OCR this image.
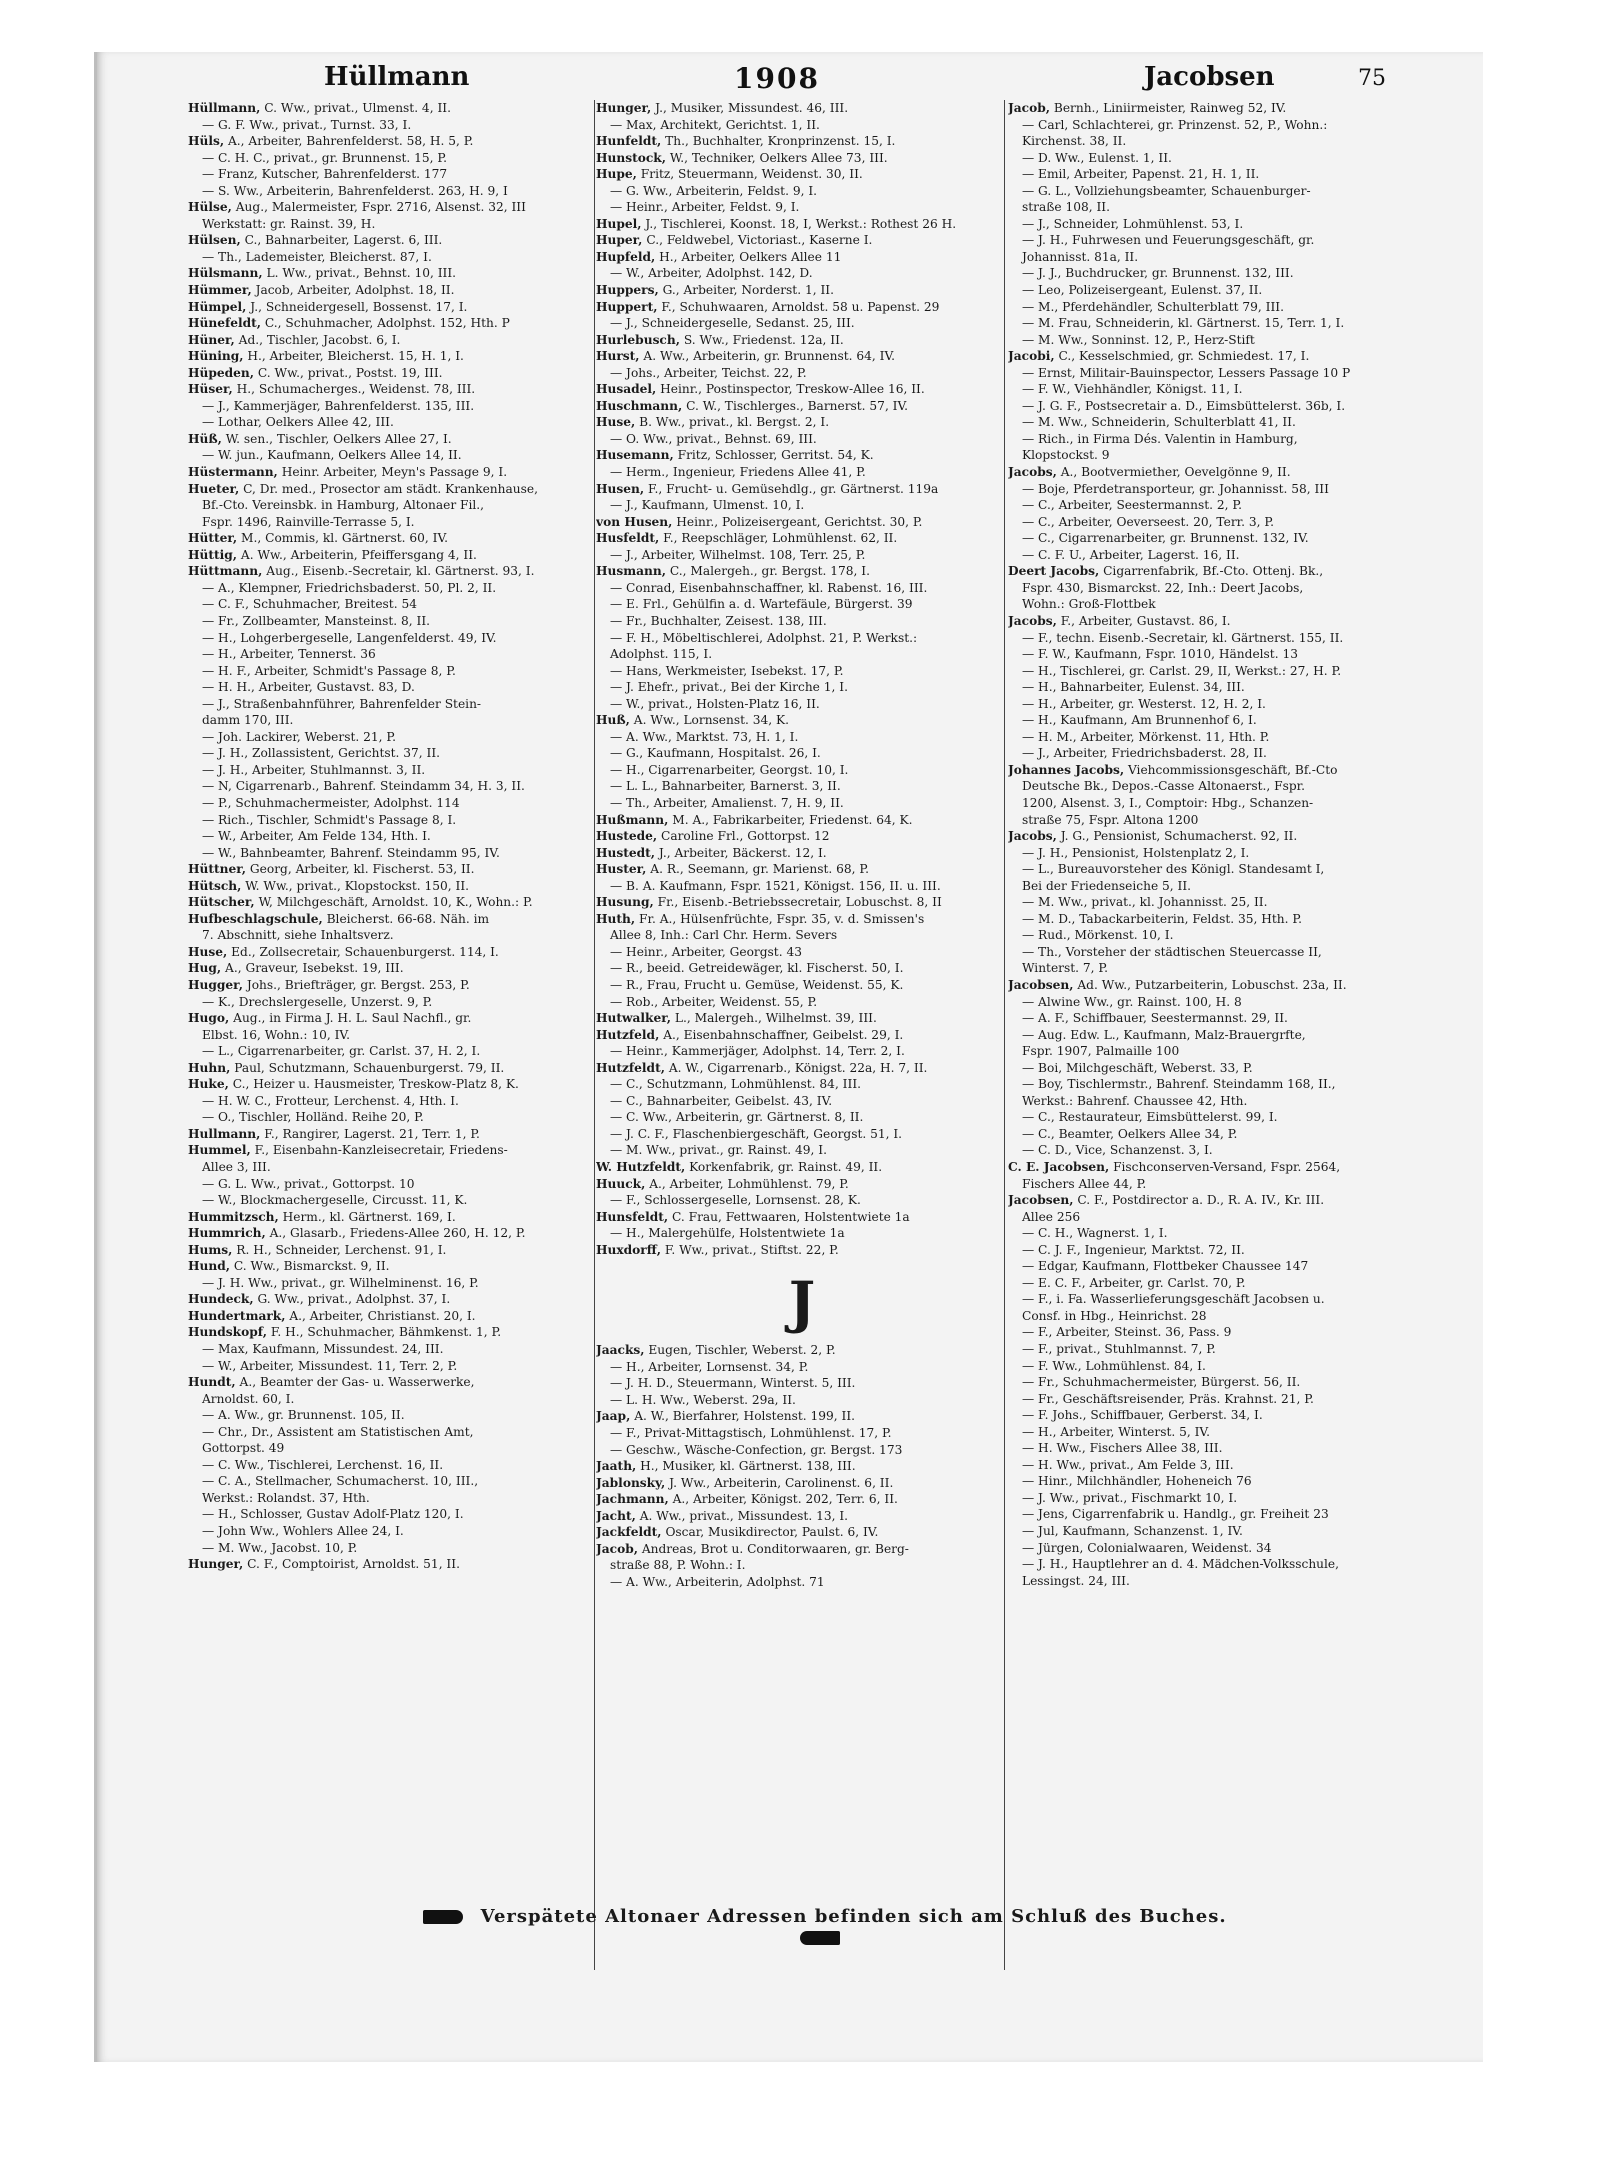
Hüllmann	1908	Jacobsen	75
Hüllmann, C. Ww., privat., Ulmenst. 4, II.
— G. F. Ww., privat., Turnst. 33, I.
Hüls, A., Arbeiter, Bahrenfelderst. 58, H. 5, P.
— C. H. C., privat., gr. Brunnenst. 15, P.
— Franz, Kutscher, Bahrenfelderst. 177
— S. Ww., Arbeiterin, Bahrenfelderst. 263, H. 9, I
Hülse, Aug., Malermeister, Fspr. 2716, Alsenst. 32, III
Werkstatt: gr. Rainst. 39, H.
Hülsen, C., Bahnarbeiter, Lagerst. 6, III.
— Th., Lademeister, Bleicherst. 87, I.
Hülsmann, L. Ww., privat., Behnst. 10, III.
Hümmer, Jacob, Arbeiter, Adolphst. 18, II.
Hümpel, J., Schneidergesell, Bossenst. 17, I.
Hünefeldt, C., Schuhmacher, Adolphst. 152, Hth. P
Hüner, Ad., Tischler, Jacobst. 6, I.
Hüning, H., Arbeiter, Bleicherst. 15, H. 1, I.
Hüpeden, C. Ww., privat., Postst. 19, III.
Hüser, H., Schumacherges., Weidenst. 78, III.
— J., Kammerjäger, Bahrenfelderst. 135, III.
— Lothar, Oelkers Allee 42, III.
Hüß, W. sen., Tischler, Oelkers Allee 27, I.
— W. jun., Kaufmann, Oelkers Allee 14, II.
Hüstermann, Heinr. Arbeiter, Meyn's Passage 9, I.
Hueter, C, Dr. med., Prosector am städt. Krankenhause,
Bf.-Cto. Vereinsbk. in Hamburg, Altonaer Fil.,
Fspr. 1496, Rainville-Terrasse 5, I.
Hütter, M., Commis, kl. Gärtnerst. 60, IV.
Hüttig, A. Ww., Arbeiterin, Pfeiffersgang 4, II.
Hüttmann, Aug., Eisenb.-Secretair, kl. Gärtnerst. 93, I.
— A., Klempner, Friedrichsbaderst. 50, Pl. 2, II.
— C. F., Schuhmacher, Breitest. 54
— Fr., Zollbeamter, Mansteinst. 8, II.
— H., Lohgerbergeselle, Langenfelderst. 49, IV.
— H., Arbeiter, Tennerst. 36
— H. F., Arbeiter, Schmidt's Passage 8, P.
— H. H., Arbeiter, Gustavst. 83, D.
— J., Straßenbahnführer, Bahrenfelder Stein-
damm 170, III.
— Joh. Lackirer, Weberst. 21, P.
— J. H., Zollassistent, Gerichtst. 37, II.
— J. H., Arbeiter, Stuhlmannst. 3, II.
— N, Cigarrenarb., Bahrenf. Steindamm 34, H. 3, II.
— P., Schuhmachermeister, Adolphst. 114
— Rich., Tischler, Schmidt's Passage 8, I.
— W., Arbeiter, Am Felde 134, Hth. I.
— W., Bahnbeamter, Bahrenf. Steindamm 95, IV.
Hüttner, Georg, Arbeiter, kl. Fischerst. 53, II.
Hütsch, W. Ww., privat., Klopstockst. 150, II.
Hütscher, W, Milchgeschäft, Arnoldst. 10, K., Wohn.: P.
Hufbeschlagschule, Bleicherst. 66-68. Näh. im
7. Abschnitt, siehe Inhaltsverz.
Huse, Ed., Zollsecretair, Schauenburgerst. 114, I.
Hug, A., Graveur, Isebekst. 19, III.
Hugger, Johs., Briefträger, gr. Bergst. 253, P.
— K., Drechslergeselle, Unzerst. 9, P.
Hugo, Aug., in Firma J. H. L. Saul Nachfl., gr.
Elbst. 16, Wohn.: 10, IV.
— L., Cigarrenarbeiter, gr. Carlst. 37, H. 2, I.
Huhn, Paul, Schutzmann, Schauenburgerst. 79, II.
Huke, C., Heizer u. Hausmeister, Treskow-Platz 8, K.
— H. W. C., Frotteur, Lerchenst. 4, Hth. I.
— O., Tischler, Holländ. Reihe 20, P.
Hullmann, F., Rangirer, Lagerst. 21, Terr. 1, P.
Hummel, F., Eisenbahn-Kanzleisecretair, Friedens-
Allee 3, III.
— G. L. Ww., privat., Gottorpst. 10
— W., Blockmachergeselle, Circusst. 11, K.
Hummitzsch, Herm., kl. Gärtnerst. 169, I.
Hummrich, A., Glasarb., Friedens-Allee 260, H. 12, P.
Hums, R. H., Schneider, Lerchenst. 91, I.
Hund, C. Ww., Bismarckst. 9, II.
— J. H. Ww., privat., gr. Wilhelminenst. 16, P.
Hundeck, G. Ww., privat., Adolphst. 37, I.
Hundertmark, A., Arbeiter, Christianst. 20, I.
Hundskopf, F. H., Schuhmacher, Bähmkenst. 1, P.
— Max, Kaufmann, Missundest. 24, III.
— W., Arbeiter, Missundest. 11, Terr. 2, P.
Hundt, A., Beamter der Gas- u. Wasserwerke,
Arnoldst. 60, I.
— A. Ww., gr. Brunnenst. 105, II.
— Chr., Dr., Assistent am Statistischen Amt,
Gottorpst. 49
— C. Ww., Tischlerei, Lerchenst. 16, II.
— C. A., Stellmacher, Schumacherst. 10, III.,
Werkst.: Rolandst. 37, Hth.
— H., Schlosser, Gustav Adolf-Platz 120, I.
— John Ww., Wohlers Allee 24, I.
— M. Ww., Jacobst. 10, P.
Hunger, C. F., Comptoirist, Arnoldst. 51, II.
Hunger, J., Musiker, Missundest. 46, III.
— Max, Architekt, Gerichtst. 1, II.
Hunfeldt, Th., Buchhalter, Kronprinzenst. 15, I.
Hunstock, W., Techniker, Oelkers Allee 73, III.
Hupe, Fritz, Steuermann, Weidenst. 30, II.
— G. Ww., Arbeiterin, Feldst. 9, I.
— Heinr., Arbeiter, Feldst. 9, I.
Hupel, J., Tischlerei, Koonst. 18, I, Werkst.: Rothest 26 H.
Huper, C., Feldwebel, Victoriast., Kaserne I.
Hupfeld, H., Arbeiter, Oelkers Allee 11
— W., Arbeiter, Adolphst. 142, D.
Huppers, G., Arbeiter, Norderst. 1, II.
Huppert, F., Schuhwaaren, Arnoldst. 58 u. Papenst. 29
— J., Schneidergeselle, Sedanst. 25, III.
Hurlebusch, S. Ww., Friedenst. 12a, II.
Hurst, A. Ww., Arbeiterin, gr. Brunnenst. 64, IV.
— Johs., Arbeiter, Teichst. 22, P.
Husadel, Heinr., Postinspector, Treskow-Allee 16, II.
Huschmann, C. W., Tischlerges., Barnerst. 57, IV.
Huse, B. Ww., privat., kl. Bergst. 2, I.
— O. Ww., privat., Behnst. 69, III.
Husemann, Fritz, Schlosser, Gerritst. 54, K.
— Herm., Ingenieur, Friedens Allee 41, P.
Husen, F., Frucht- u. Gemüsehdlg., gr. Gärtnerst. 119a
— J., Kaufmann, Ulmenst. 10, I.
von Husen, Heinr., Polizeisergeant, Gerichtst. 30, P.
Husfeldt, F., Reepschläger, Lohmühlenst. 62, II.
— J., Arbeiter, Wilhelmst. 108, Terr. 25, P.
Husmann, C., Malergeh., gr. Bergst. 178, I.
— Conrad, Eisenbahnschaffner, kl. Rabenst. 16, III.
— E. Frl., Gehülfin a. d. Wartefäule, Bürgerst. 39
— Fr., Buchhalter, Zeisest. 138, III.
— F. H., Möbeltischlerei, Adolphst. 21, P. Werkst.:
Adolphst. 115, I.
— Hans, Werkmeister, Isebekst. 17, P.
— J. Ehefr., privat., Bei der Kirche 1, I.
— W., privat., Holsten-Platz 16, II.
Huß, A. Ww., Lornsenst. 34, K.
— A. Ww., Marktst. 73, H. 1, I.
— G., Kaufmann, Hospitalst. 26, I.
— H., Cigarrenarbeiter, Georgst. 10, I.
— L. L., Bahnarbeiter, Barnerst. 3, II.
— Th., Arbeiter, Amalienst. 7, H. 9, II.
Hußmann, M. A., Fabrikarbeiter, Friedenst. 64, K.
Hustede, Caroline Frl., Gottorpst. 12
Hustedt, J., Arbeiter, Bäckerst. 12, I.
Huster, A. R., Seemann, gr. Marienst. 68, P.
— B. A. Kaufmann, Fspr. 1521, Königst. 156, II. u. III.
Husung, Fr., Eisenb.-Betriebssecretair, Lobuschst. 8, II
Huth, Fr. A., Hülsenfrüchte, Fspr. 35, v. d. Smissen's
Allee 8, Inh.: Carl Chr. Herm. Severs
— Heinr., Arbeiter, Georgst. 43
— R., beeid. Getreidewäger, kl. Fischerst. 50, I.
— R., Frau, Frucht u. Gemüse, Weidenst. 55, K.
— Rob., Arbeiter, Weidenst. 55, P.
Hutwalker, L., Malergeh., Wilhelmst. 39, III.
Hutzfeld, A., Eisenbahnschaffner, Geibelst. 29, I.
— Heinr., Kammerjäger, Adolphst. 14, Terr. 2, I.
Hutzfeldt, A. W., Cigarrenarb., Königst. 22a, H. 7, II.
— C., Schutzmann, Lohmühlenst. 84, III.
— C., Bahnarbeiter, Geibelst. 43, IV.
— C. Ww., Arbeiterin, gr. Gärtnerst. 8, II.
— J. C. F., Flaschenbiergeschäft, Georgst. 51, I.
— M. Ww., privat., gr. Rainst. 49, I.
W. Hutzfeldt, Korkenfabrik, gr. Rainst. 49, II.
Huuck, A., Arbeiter, Lohmühlenst. 79, P.
— F., Schlossergeselle, Lornsenst. 28, K.
Hunsfeldt, C. Frau, Fettwaaren, Holstentwiete 1a
— H., Malergehülfe, Holstentwiete 1a
Huxdorff, F. Ww., privat., Stiftst. 22, P.
J
Jaacks, Eugen, Tischler, Weberst. 2, P.
— H., Arbeiter, Lornsenst. 34, P.
— J. H. D., Steuermann, Winterst. 5, III.
— L. H. Ww., Weberst. 29a, II.
Jaap, A. W., Bierfahrer, Holstenst. 199, II.
— F., Privat-Mittagstisch, Lohmühlenst. 17, P.
— Geschw., Wäsche-Confection, gr. Bergst. 173
Jaath, H., Musiker, kl. Gärtnerst. 138, III.
Jablonsky, J. Ww., Arbeiterin, Carolinenst. 6, II.
Jachmann, A., Arbeiter, Königst. 202, Terr. 6, II.
Jacht, A. Ww., privat., Missundest. 13, I.
Jackfeldt, Oscar, Musikdirector, Paulst. 6, IV.
Jacob, Andreas, Brot u. Conditorwaaren, gr. Berg-
straße 88, P. Wohn.: I.
— A. Ww., Arbeiterin, Adolphst. 71
Jacob, Bernh., Liniirmeister, Rainweg 52, IV.
— Carl, Schlachterei, gr. Prinzenst. 52, P., Wohn.:
Kirchenst. 38, II.
— D. Ww., Eulenst. 1, II.
— Emil, Arbeiter, Papenst. 21, H. 1, II.
— G. L., Vollziehungsbeamter, Schauenburger-
straße 108, II.
— J., Schneider, Lohmühlenst. 53, I.
— J. H., Fuhrwesen und Feuerungsgeschäft, gr.
Johannisst. 81a, II.
— J. J., Buchdrucker, gr. Brunnenst. 132, III.
— Leo, Polizeisergeant, Eulenst. 37, II.
— M., Pferdehändler, Schulterblatt 79, III.
— M. Frau, Schneiderin, kl. Gärtnerst. 15, Terr. 1, I.
— M. Ww., Sonninst. 12, P., Herz-Stift
Jacobi, C., Kesselschmied, gr. Schmiedest. 17, I.
— Ernst, Militair-Bauinspector, Lessers Passage 10 P
— F. W., Viehhändler, Königst. 11, I.
— J. G. F., Postsecretair a. D., Eimsbüttelerst. 36b, I.
— M. Ww., Schneiderin, Schulterblatt 41, II.
— Rich., in Firma Dés. Valentin in Hamburg,
Klopstockst. 9
Jacobs, A., Bootvermiether, Oevelgönne 9, II.
— Boje, Pferdetransporteur, gr. Johannisst. 58, III
— C., Arbeiter, Seestermannst. 2, P.
— C., Arbeiter, Oeverseest. 20, Terr. 3, P.
— C., Cigarrenarbeiter, gr. Brunnenst. 132, IV.
— C. F. U., Arbeiter, Lagerst. 16, II.
Deert Jacobs, Cigarrenfabrik, Bf.-Cto. Ottenj. Bk.,
Fspr. 430, Bismarckst. 22, Inh.: Deert Jacobs,
Wohn.: Groß-Flottbek
Jacobs, F., Arbeiter, Gustavst. 86, I.
— F., techn. Eisenb.-Secretair, kl. Gärtnerst. 155, II.
— F. W., Kaufmann, Fspr. 1010, Händelst. 13
— H., Tischlerei, gr. Carlst. 29, II, Werkst.: 27, H. P.
— H., Bahnarbeiter, Eulenst. 34, III.
— H., Arbeiter, gr. Westerst. 12, H. 2, I.
— H., Kaufmann, Am Brunnenhof 6, I.
— H. M., Arbeiter, Mörkenst. 11, Hth. P.
— J., Arbeiter, Friedrichsbaderst. 28, II.
Johannes Jacobs, Viehcommissionsgeschäft, Bf.-Cto
Deutsche Bk., Depos.-Casse Altonaerst., Fspr.
1200, Alsenst. 3, I., Comptoir: Hbg., Schanzen-
straße 75, Fspr. Altona 1200
Jacobs, J. G., Pensionist, Schumacherst. 92, II.
— J. H., Pensionist, Holstenplatz 2, I.
— L., Bureauvorsteher des Königl. Standesamt I,
Bei der Friedenseiche 5, II.
— M. Ww., privat., kl. Johannisst. 25, II.
— M. D., Tabackarbeiterin, Feldst. 35, Hth. P.
— Rud., Mörkenst. 10, I.
— Th., Vorsteher der städtischen Steuercasse II,
Winterst. 7, P.
Jacobsen, Ad. Ww., Putzarbeiterin, Lobuschst. 23a, II.
— Alwine Ww., gr. Rainst. 100, H. 8
— A. F., Schiffbauer, Seestermannst. 29, II.
— Aug. Edw. L., Kaufmann, Malz-Brauergrfte,
Fspr. 1907, Palmaille 100
— Boi, Milchgeschäft, Weberst. 33, P.
— Boy, Tischlermstr., Bahrenf. Steindamm 168, II.,
Werkst.: Bahrenf. Chaussee 42, Hth.
— C., Restaurateur, Eimsbüttelerst. 99, I.
— C., Beamter, Oelkers Allee 34, P.
— C. D., Vice, Schanzenst. 3, I.
C. E. Jacobsen, Fischconserven-Versand, Fspr. 2564,
Fischers Allee 44, P.
Jacobsen, C. F., Postdirector a. D., R. A. IV., Kr. III.
Allee 256
— C. H., Wagnerst. 1, I.
— C. J. F., Ingenieur, Marktst. 72, II.
— Edgar, Kaufmann, Flottbeker Chaussee 147
— E. C. F., Arbeiter, gr. Carlst. 70, P.
— F., i. Fa. Wasserlieferungsgeschäft Jacobsen u.
Consf. in Hbg., Heinrichst. 28
— F., Arbeiter, Steinst. 36, Pass. 9
— F., privat., Stuhlmannst. 7, P.
— F. Ww., Lohmühlenst. 84, I.
— Fr., Schuhmachermeister, Bürgerst. 56, II.
— Fr., Geschäftsreisender, Präs. Krahnst. 21, P.
— F. Johs., Schiffbauer, Gerberst. 34, I.
— H., Arbeiter, Winterst. 5, IV.
— H. Ww., Fischers Allee 38, III.
— H. Ww., privat., Am Felde 3, III.
— Hinr., Milchhändler, Hoheneich 76
— J. Ww., privat., Fischmarkt 10, I.
— Jens, Cigarrenfabrik u. Handlg., gr. Freiheit 23
— Jul, Kaufmann, Schanzenst. 1, IV.
— Jürgen, Colonialwaaren, Weidenst. 34
— J. H., Hauptlehrer an d. 4. Mädchen-Volksschule,
Lessingst. 24, III.
Verspätete Altonaer Adressen befinden sich am Schluß des Buches.
